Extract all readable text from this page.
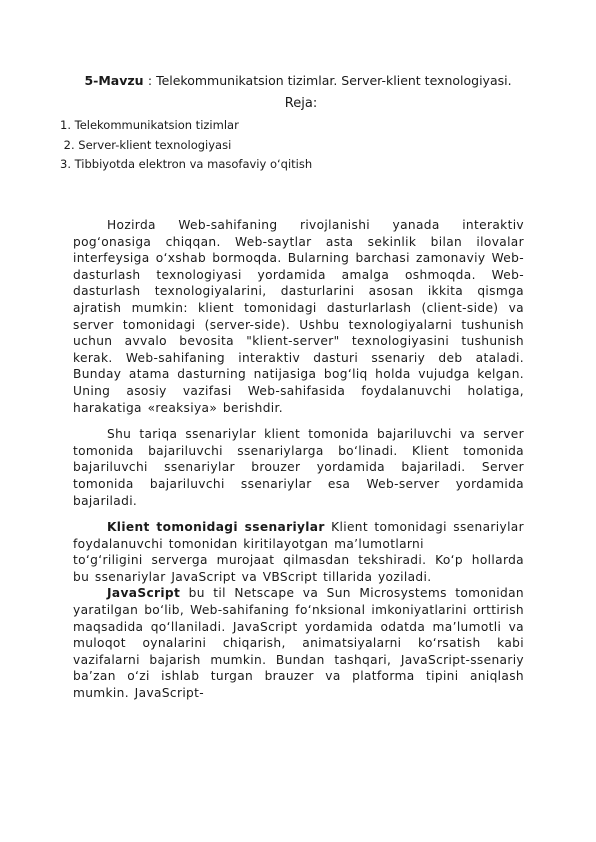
5-Mavzu : Telekommunikatsion tizimlar. Server-klient texnologiyasi.
Reja:
1. Telekommunikatsion tizimlar
2. Server-klient texnologiyasi
3. Tibbiyotda elektron va masofaviy o‘qitish

Hozirda Web-sahifaning rivojlanishi yanada interaktiv pog‘onasiga chiqqan. Web-saytlar asta sekinlik bilan ilovalar interfeysiga o‘xshab bormoqda. Bularning barchasi zamonaviy Web-dasturlash texnologiyasi yordamida amalga oshmoqda. Web-dasturlash texnologiyalarini, dasturlarini asosan ikkita qismga ajratish mumkin: klient tomonidagi dasturlarlash (client-side) va server tomonidagi (server-side). Ushbu texnologiyalarni tushunish uchun avvalo bevosita "klient-server" texnologiyasini tushunish kerak. Web-sahifaning interaktiv dasturi ssenariy deb ataladi. Bunday atama dasturning natijasiga bog‘liq holda vujudga kelgan. Uning asosiy vazifasi Web-sahifasida foydalanuvchi holatiga, harakatiga «reaksiya» berishdir.

Shu tariqa ssenariylar klient tomonida bajariluvchi va server tomonida bajariluvchi ssenariylarga bo‘linadi. Klient tomonida bajariluvchi ssenariylar brouzer yordamida bajariladi. Server tomonida bajariluvchi ssenariylar esa Web-server yordamida bajariladi.

Klient tomonidagi ssenariylar Klient tomonidagi ssenariylar foydalanuvchi tomonidan kiritilayotgan ma’lumotlarni

to‘g‘riligini serverga murojaat qilmasdan tekshiradi. Ko‘p hollarda bu ssenariylar JavaScript va VBScript tillarida yoziladi.

JavaScript bu til Netscape va Sun Microsystems tomonidan yaratilgan bo‘lib, Web-sahifaning fo‘nksional imkoniyatlarini orttirish maqsadida qo‘llaniladi. JavaScript yordamida odatda ma’lumotli va muloqot oynalarini chiqarish, animatsiyalarni ko‘rsatish kabi vazifalarni bajarish mumkin. Bundan tashqari, JavaScript-ssenariy ba’zan o‘zi ishlab turgan brauzer va platforma tipini aniqlash mumkin. JavaScript-
